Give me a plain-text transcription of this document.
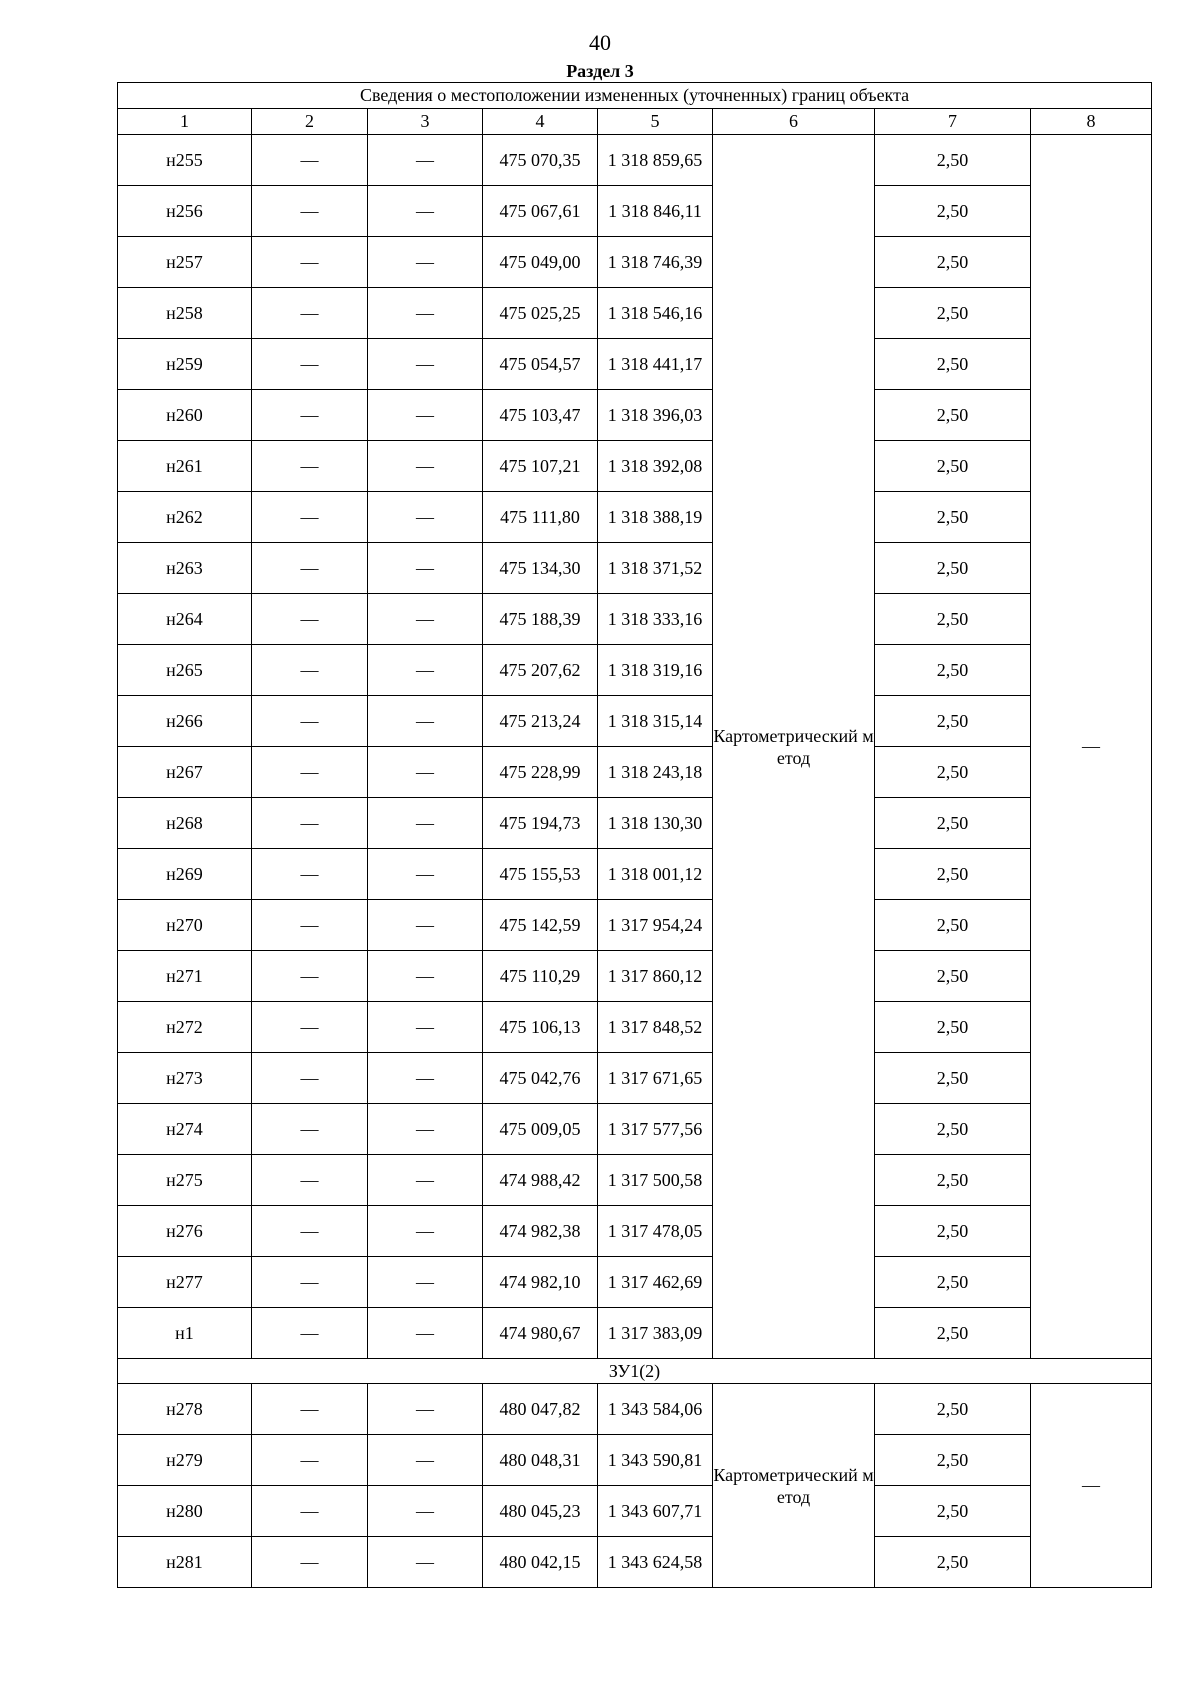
40
Раздел 3
Сведения о местоположении измененных (уточненных) границ объекта							
1	2	3	4	5	6	7	8
н255	—	—	475 070,35	1 318 859,65	Картометрический метод	2,50	—
н256	—	—	475 067,61	1 318 846,11		2,50	
н257	—	—	475 049,00	1 318 746,39		2,50	
н258	—	—	475 025,25	1 318 546,16		2,50	
н259	—	—	475 054,57	1 318 441,17		2,50	
н260	—	—	475 103,47	1 318 396,03		2,50	
н261	—	—	475 107,21	1 318 392,08		2,50	
н262	—	—	475 111,80	1 318 388,19		2,50	
н263	—	—	475 134,30	1 318 371,52		2,50	
н264	—	—	475 188,39	1 318 333,16		2,50	
н265	—	—	475 207,62	1 318 319,16		2,50	
н266	—	—	475 213,24	1 318 315,14		2,50	
н267	—	—	475 228,99	1 318 243,18		2,50	
н268	—	—	475 194,73	1 318 130,30		2,50	
н269	—	—	475 155,53	1 318 001,12		2,50	
н270	—	—	475 142,59	1 317 954,24		2,50	
н271	—	—	475 110,29	1 317 860,12		2,50	
н272	—	—	475 106,13	1 317 848,52		2,50	
н273	—	—	475 042,76	1 317 671,65		2,50	
н274	—	—	475 009,05	1 317 577,56		2,50	
н275	—	—	474 988,42	1 317 500,58		2,50	
н276	—	—	474 982,38	1 317 478,05		2,50	
н277	—	—	474 982,10	1 317 462,69		2,50	
н1	—	—	474 980,67	1 317 383,09		2,50	
ЗУ1(2)							
н278	—	—	480 047,82	1 343 584,06	Картометрический метод	2,50	—
н279	—	—	480 048,31	1 343 590,81		2,50	
н280	—	—	480 045,23	1 343 607,71		2,50	
н281	—	—	480 042,15	1 343 624,58		2,50	
